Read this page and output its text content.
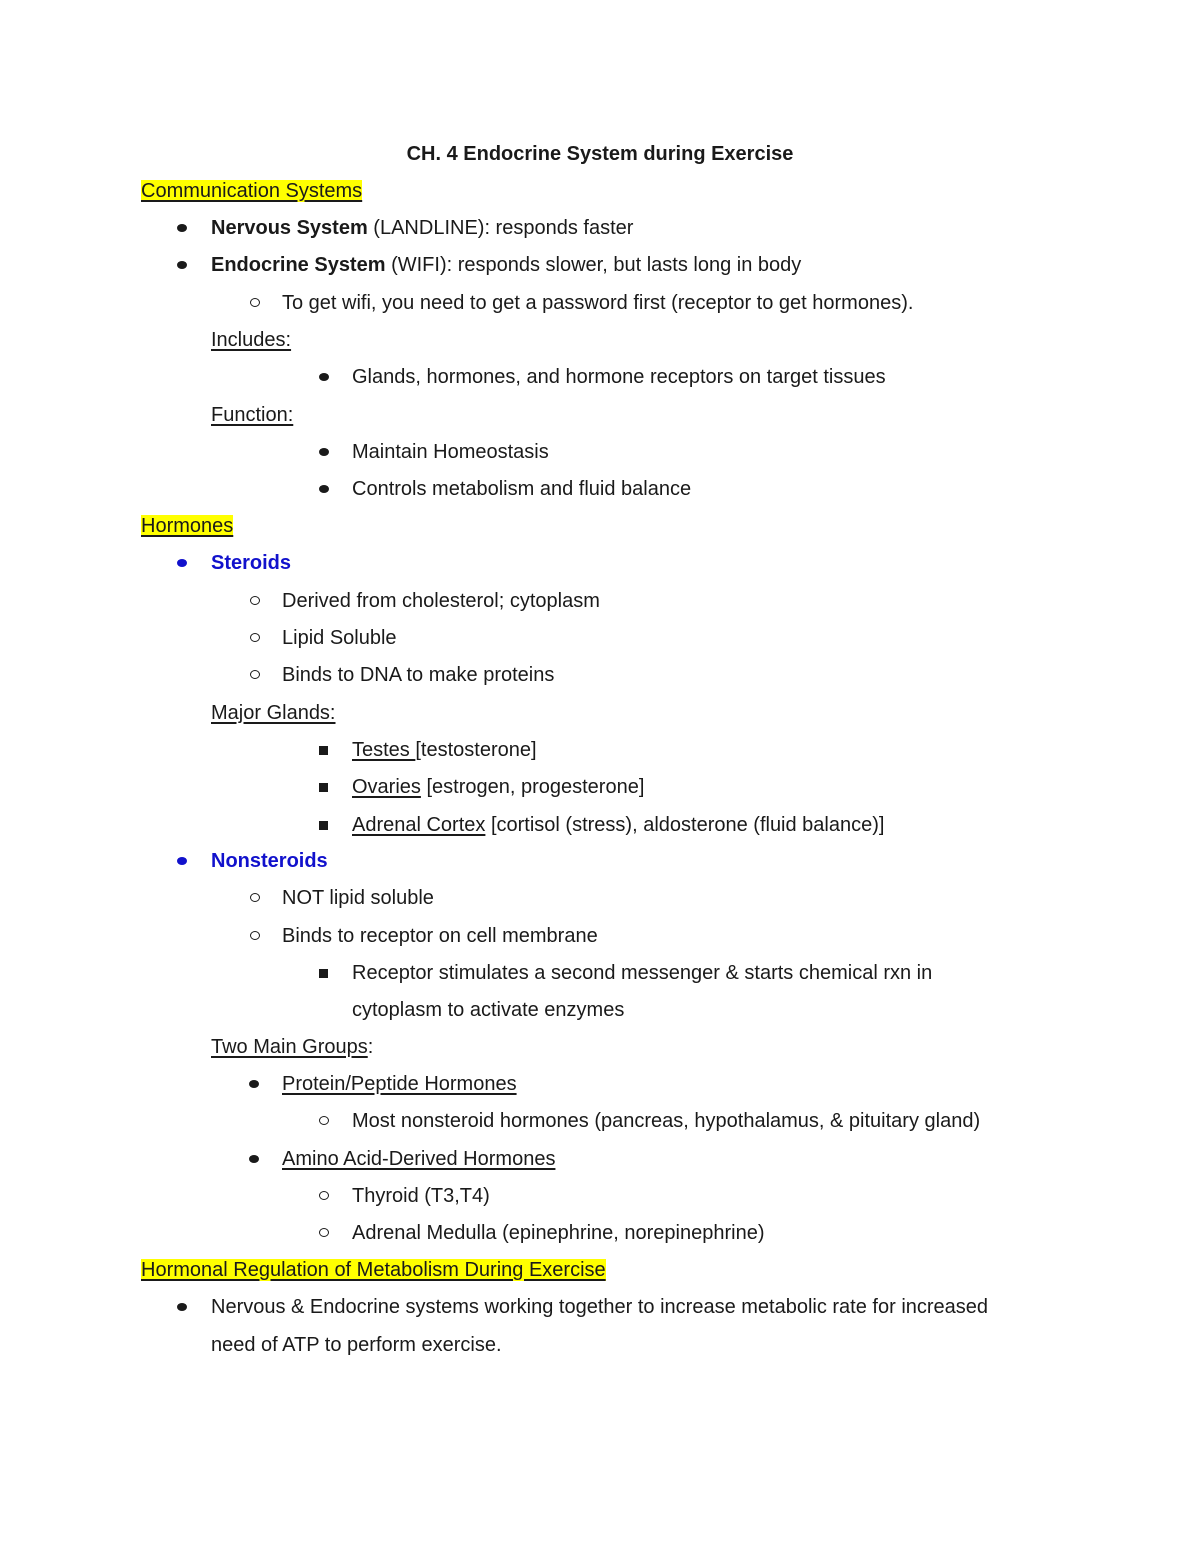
CH. 4 Endocrine System during Exercise
Communication Systems
Nervous System (LANDLINE): responds faster
Endocrine System (WIFI): responds slower, but lasts long in body
To get wifi, you need to get a password first (receptor to get hormones).
Includes:
Glands, hormones, and hormone receptors on target tissues
Function:
Maintain Homeostasis
Controls metabolism and fluid balance
Hormones
Steroids
Derived from cholesterol; cytoplasm
Lipid Soluble
Binds to DNA to make proteins
Major Glands:
Testes [testosterone]
Ovaries [estrogen, progesterone]
Adrenal Cortex [cortisol (stress), aldosterone (fluid balance)]
Nonsteroids
NOT lipid soluble
Binds to receptor on cell membrane
Receptor stimulates a second messenger & starts chemical rxn in
cytoplasm to activate enzymes
Two Main Groups:
Protein/Peptide Hormones
Most nonsteroid hormones (pancreas, hypothalamus, & pituitary gland)
Amino Acid-Derived Hormones
Thyroid (T3,T4)
Adrenal Medulla (epinephrine, norepinephrine)
Hormonal Regulation of Metabolism During Exercise
Nervous & Endocrine systems working together to increase metabolic rate for increased
need of ATP to perform exercise.
